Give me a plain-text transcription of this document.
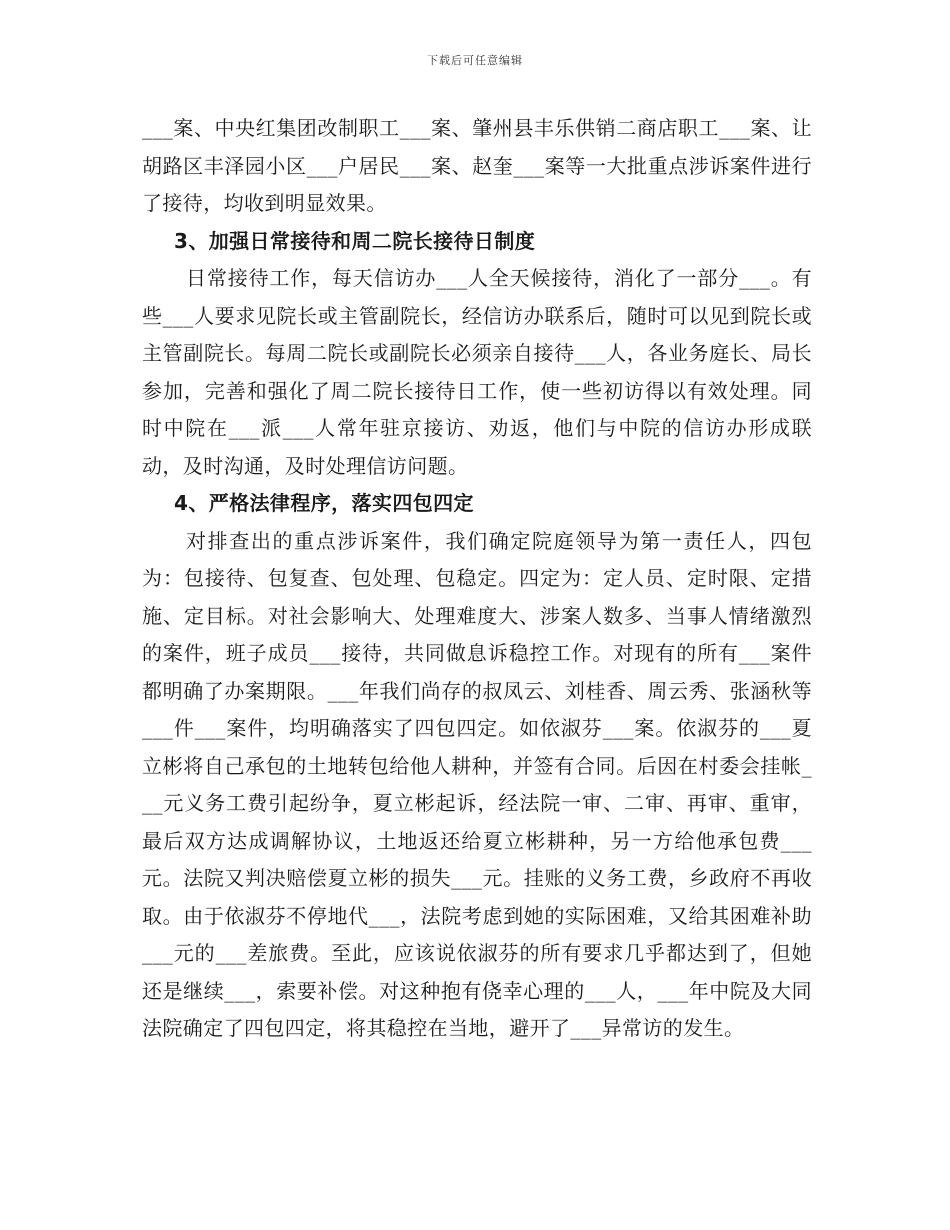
下载后可任意编辑

___案、中央红集团改制职工___案、肇州县丰乐供销二商店职工___案、让胡路区丰泽园小区___户居民___案、赵奎___案等一大批重点涉诉案件进行了接待，均收到明显效果。

3、加强日常接待和周二院长接待日制度

日常接待工作，每天信访办___人全天候接待，消化了一部分___。有些___人要求见院长或主管副院长，经信访办联系后，随时可以见到院长或主管副院长。每周二院长或副院长必须亲自接待___人，各业务庭长、局长参加，完善和强化了周二院长接待日工作，使一些初访得以有效处理。同时中院在___派___人常年驻京接访、劝返，他们与中院的信访办形成联动，及时沟通，及时处理信访问题。

4、严格法律程序，落实四包四定

对排查出的重点涉诉案件，我们确定院庭领导为第一责任人，四包为：包接待、包复查、包处理、包稳定。四定为：定人员、定时限、定措施、定目标。对社会影响大、处理难度大、涉案人数多、当事人情绪激烈的案件，班子成员___接待，共同做息诉稳控工作。对现有的所有___案件都明确了办案期限。___年我们尚存的叔凤云、刘桂香、周云秀、张涵秋等___件___案件，均明确落实了四包四定。如依淑芬___案。依淑芬的___夏立彬将自己承包的土地转包给他人耕种，并签有合同。后因在村委会挂帐___元义务工费引起纷争，夏立彬起诉，经法院一审、二审、再审、重审，最后双方达成调解协议，土地返还给夏立彬耕种，另一方给他承包费___元。法院又判决赔偿夏立彬的损失___元。挂账的义务工费，乡政府不再收取。由于依淑芬不停地代___，法院考虑到她的实际困难，又给其困难补助___元的___差旅费。至此，应该说依淑芬的所有要求几乎都达到了，但她还是继续___，索要补偿。对这种抱有侥幸心理的___人，___年中院及大同法院确定了四包四定，将其稳控在当地，避开了___异常访的发生。
